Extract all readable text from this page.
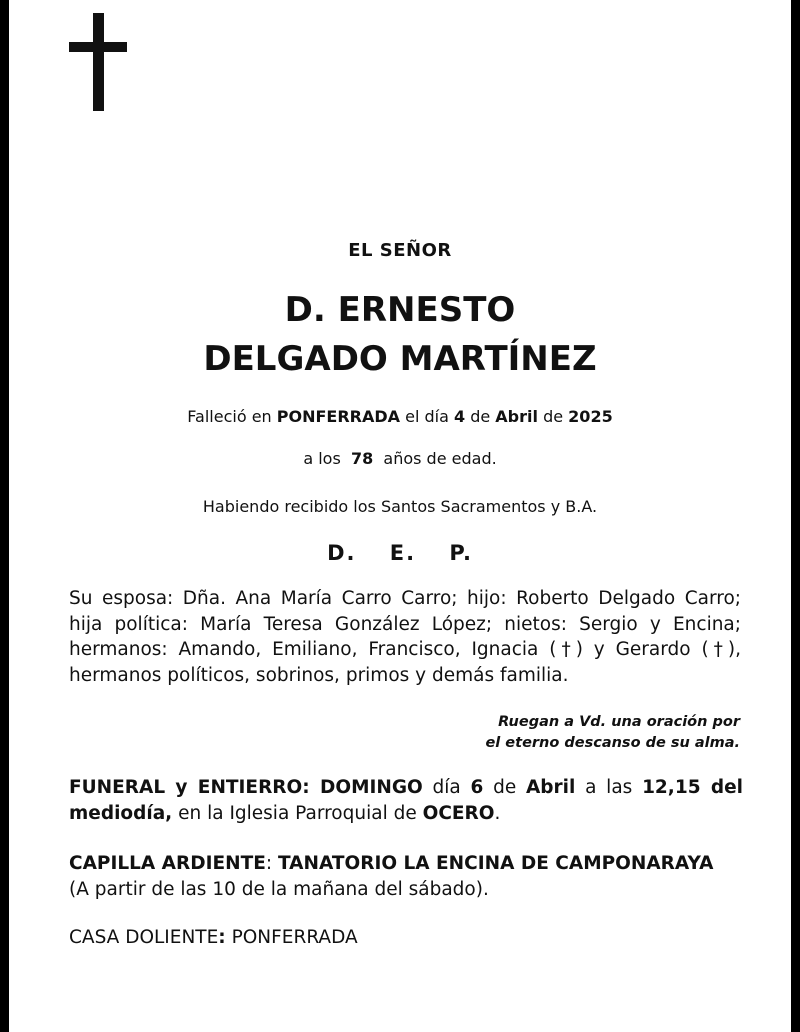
EL SEÑOR
D. ERNESTO
DELGADO MARTÍNEZ
Falleció en PONFERRADA el día 4 de Abril de 2025
a los  78  años de edad.
Habiendo recibido los Santos Sacramentos y B.A.
D. E. P.
Su esposa: Dña. Ana María Carro Carro; hijo: Roberto Delgado Carro; hija política: María Teresa González López; nietos: Sergio y Encina; hermanos: Amando, Emiliano, Francisco, Ignacia (†) y Gerardo (†), hermanos políticos, sobrinos, primos y demás familia.
Ruegan a Vd. una oración por
el eterno descanso de su alma.
FUNERAL y ENTIERRO: DOMINGO día 6 de Abril a las 12,15 del mediodía, en la Iglesia Parroquial de OCERO.
CAPILLA ARDIENTE: TANATORIO LA ENCINA DE CAMPONARAYA
(A partir de las 10 de la mañana del sábado).
CASA DOLIENTE: PONFERRADA
